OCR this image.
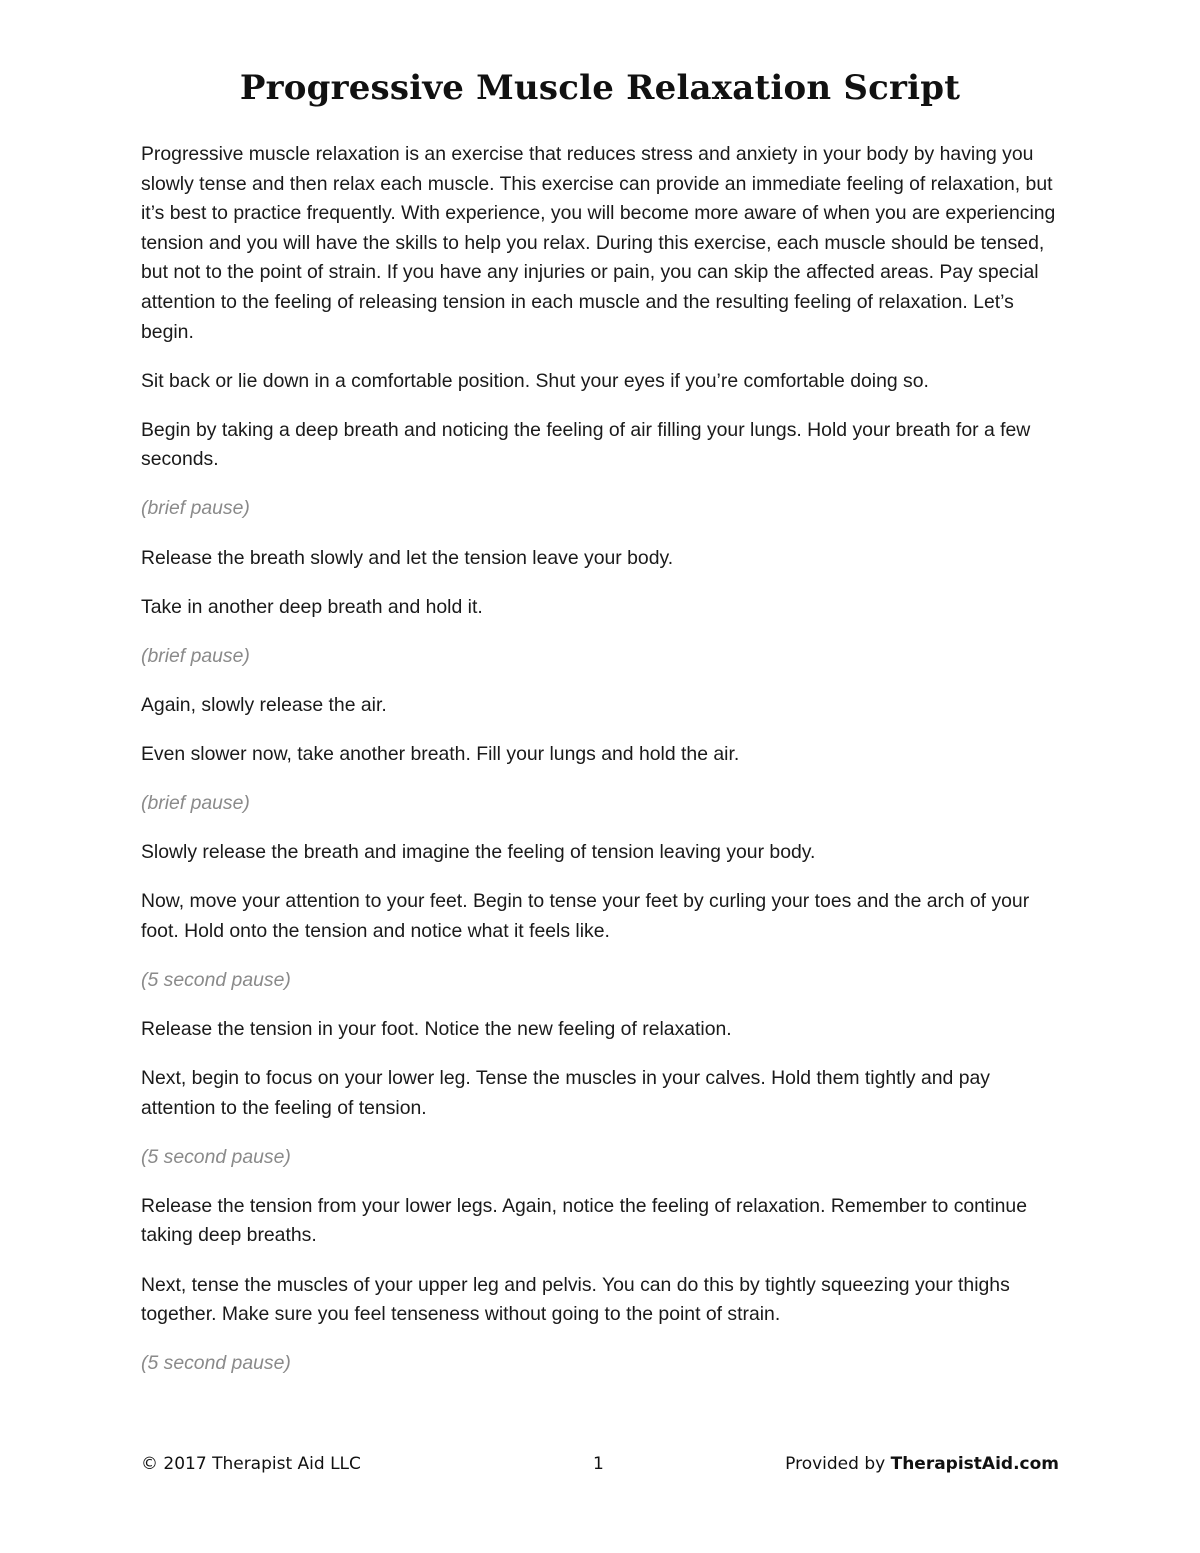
Progressive Muscle Relaxation Script

Progressive muscle relaxation is an exercise that reduces stress and anxiety in your body by having you slowly tense and then relax each muscle. This exercise can provide an immediate feeling of relaxation, but it’s best to practice frequently. With experience, you will become more aware of when you are experiencing tension and you will have the skills to help you relax. During this exercise, each muscle should be tensed, but not to the point of strain. If you have any injuries or pain, you can skip the affected areas. Pay special attention to the feeling of releasing tension in each muscle and the resulting feeling of relaxation. Let’s begin.

Sit back or lie down in a comfortable position. Shut your eyes if you’re comfortable doing so.

Begin by taking a deep breath and noticing the feeling of air filling your lungs. Hold your breath for a few seconds.

(brief pause)

Release the breath slowly and let the tension leave your body.

Take in another deep breath and hold it.

(brief pause)

Again, slowly release the air.

Even slower now, take another breath. Fill your lungs and hold the air.

(brief pause)

Slowly release the breath and imagine the feeling of tension leaving your body.

Now, move your attention to your feet. Begin to tense your feet by curling your toes and the arch of your foot. Hold onto the tension and notice what it feels like.

(5 second pause)

Release the tension in your foot. Notice the new feeling of relaxation.

Next, begin to focus on your lower leg. Tense the muscles in your calves. Hold them tightly and pay attention to the feeling of tension.

(5 second pause)

Release the tension from your lower legs. Again, notice the feeling of relaxation. Remember to continue taking deep breaths.

Next, tense the muscles of your upper leg and pelvis. You can do this by tightly squeezing your thighs together. Make sure you feel tenseness without going to the point of strain.

(5 second pause)

© 2017 Therapist Aid LLC	1	Provided by TherapistAid.com
